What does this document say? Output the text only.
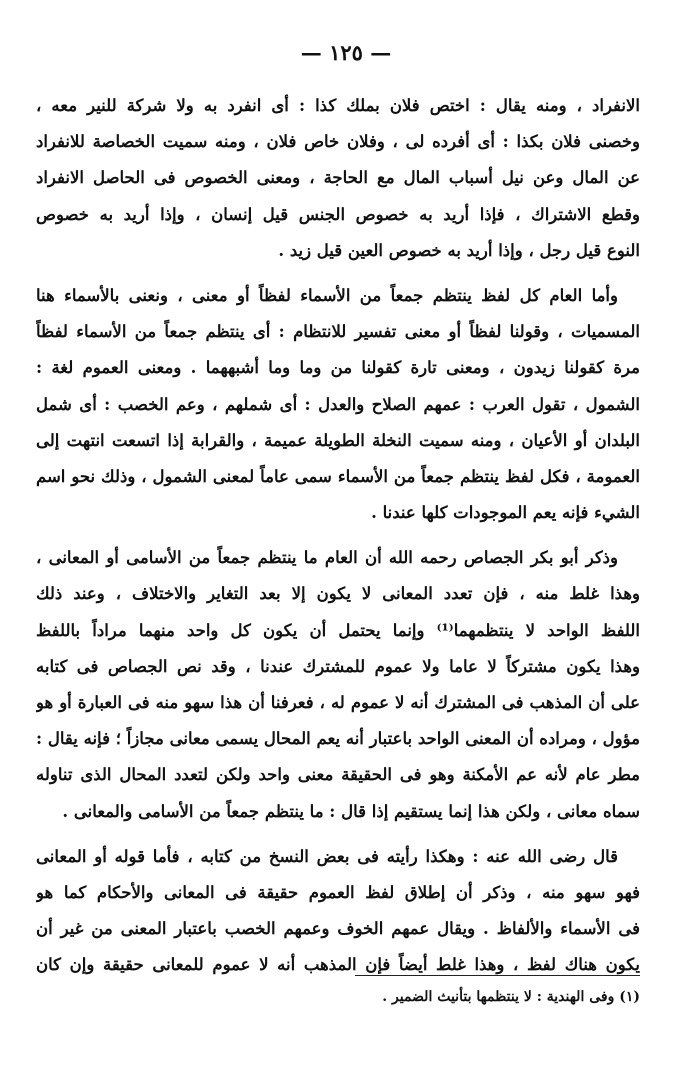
— ١٢٥ —
الانفراد ، ومنه يقال : اختص فلان بملك كذا : أى انفرد به ولا شركة للنير معه ،
وخصنى فلان بكذا : أى أفرده لى ، وفلان خاص فلان ، ومنه سميت الخصاصة للانفراد
عن المال وعن نيل أسباب المال مع الحاجة ، ومعنى الخصوص فى الحاصل الانفراد
وقطع الاشتراك ، فإذا أريد به خصوص الجنس قيل إنسان ، وإذا أريد به خصوص
النوع قيل رجل ، وإذا أريد به خصوص العين قيل زيد .
وأما العام كل لفظ ينتظم جمعاً من الأسماء لفظاً أو معنى ، ونعنى بالأسماء هنا
المسميات ، وقولنا لفظاً أو معنى تفسير للانتظام : أى ينتظم جمعاً من الأسماء لفظاً
مرة كقولنا زيدون ، ومعنى تارة كقولنا من وما وما أشبههما . ومعنى العموم لغة :
الشمول ، تقول العرب : عمهم الصلاح والعدل : أى شملهم ، وعم الخصب : أى شمل
البلدان أو الأعيان ، ومنه سميت النخلة الطويلة عميمة ، والقرابة إذا اتسعت انتهت إلى
العمومة ، فكل لفظ ينتظم جمعاً من الأسماء سمى عاماً لمعنى الشمول ، وذلك نحو اسم
الشيء فإنه يعم الموجودات كلها عندنا .
وذكر أبو بكر الجصاص رحمه الله أن العام ما ينتظم جمعاً من الأسامى أو المعانى ،
وهذا غلط منه ، فإن تعدد المعانى لا يكون إلا بعد التغاير والاختلاف ، وعند ذلك
اللفظ الواحد لا ينتظمهما⁽¹⁾ وإنما يحتمل أن يكون كل واحد منهما مراداً باللفظ
وهذا يكون مشتركاً لا عاما ولا عموم للمشترك عندنا ، وقد نص الجصاص فى كتابه
على أن المذهب فى المشترك أنه لا عموم له ، فعرفنا أن هذا سهو منه فى العبارة أو هو
مؤول ، ومراده أن المعنى الواحد باعتبار أنه يعم المحال يسمى معانى مجازاً ؛ فإنه يقال :
مطر عام لأنه عم الأمكنة وهو فى الحقيقة معنى واحد ولكن لتعدد المحال الذى تناوله
سماه معانى ، ولكن هذا إنما يستقيم إذا قال : ما ينتظم جمعاً من الأسامى والمعانى .
قال رضى الله عنه : وهكذا رأيته فى بعض النسخ من كتابه ، فأما قوله أو المعانى
فهو سهو منه ، وذكر أن إطلاق لفظ العموم حقيقة فى المعانى والأحكام كما هو
فى الأسماء والألفاظ . ويقال عمهم الخوف وعمهم الخصب باعتبار المعنى من غير أن
يكون هناك لفظ ، وهذا غلط أيضاً فإن المذهب أنه لا عموم للمعانى حقيقة وإن كان
(١) وفى الهندية : لا ينتظمها بتأنيث الضمير .
